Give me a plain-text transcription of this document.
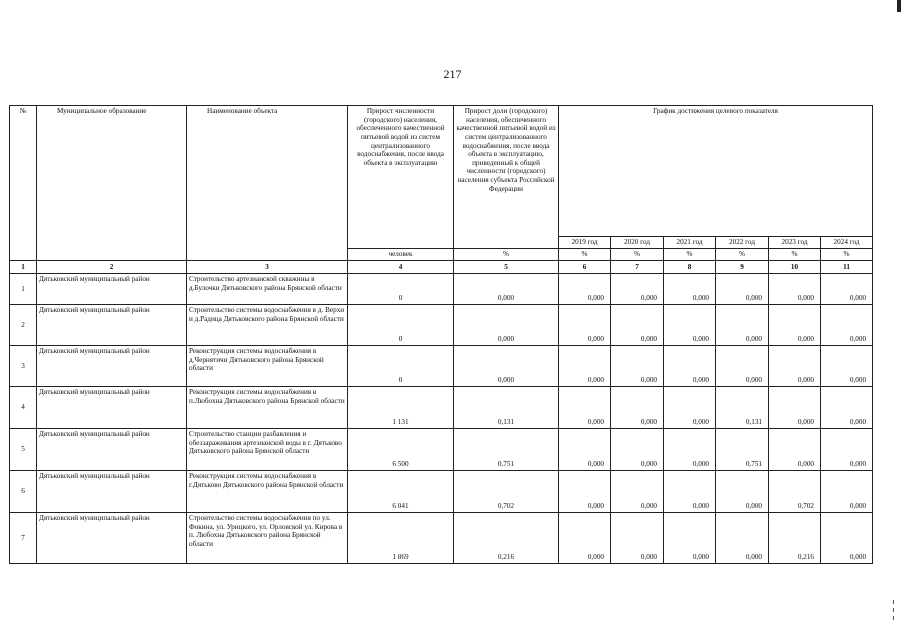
217
№	Муниципальное образование	Наименование объекта	Прирост численности (городского) населения, обеспеченного качественной питьевой водой из систем централизованного водоснабжения, после ввода объекта в эксплуатацию	Прирост доли (городского) населения, обеспеченного качественной питьевой водой из систем централизованного водоснабжения, после ввода объекта в эксплуатацию, приведенный к общей численности (городского) населения субъекта Российской Федерации	График достижения целевого показателя					
					2019 год	2020 год	2021 год	2022 год	2023 год	2024 год
			человек	%	%	%	%	%	%	%
1	2	3	4	5	6	7	8	9	10	11
1	Дятьковский муниципальный район	Строительство артезианской скважины в д.Булочки Дятьковского района Брянской области	0	0,000	0,000	0,000	0,000	0,000	0,000	0,000
2	Дятьковский муниципальный район	Строительство системы водоснабжения в д. Верхи и д.Радица Дятьковского района Брянской области	0	0,000	0,000	0,000	0,000	0,000	0,000	0,000
3	Дятьковский муниципальный район	Реконструкция системы водоснабжения в д.Чернятичи Дятьковского района Брянской области	0	0,000	0,000	0,000	0,000	0,000	0,000	0,000
4	Дятьковский муниципальный район	Реконструкция системы водоснабжения в п.Любохна Дятьковского района Брянской области	1 131	0,131	0,000	0,000	0,000	0,131	0,000	0,000
5	Дятьковский муниципальный район	Строительство станции разбавления и обеззараживания артезианской воды в г. Дятьково Дятьковского района Брянской области	6 500	0,751	0,000	0,000	0,000	0,751	0,000	0,000
6	Дятьковский муниципальный район	Реконструкция системы водоснабжения в г.Дятьково Дятьковского района Брянской области	6 041	0,702	0,000	0,000	0,000	0,000	0,702	0,000
7	Дятьковский муниципальный район	Строительство системы водоснабжения по ул. Фокина, ул. Урицкого, ул. Орловской ул. Кирова в п. Любохна Дятьковского района Брянской области	1 869	0,216	0,000	0,000	0,000	0,000	0,216	0,000
